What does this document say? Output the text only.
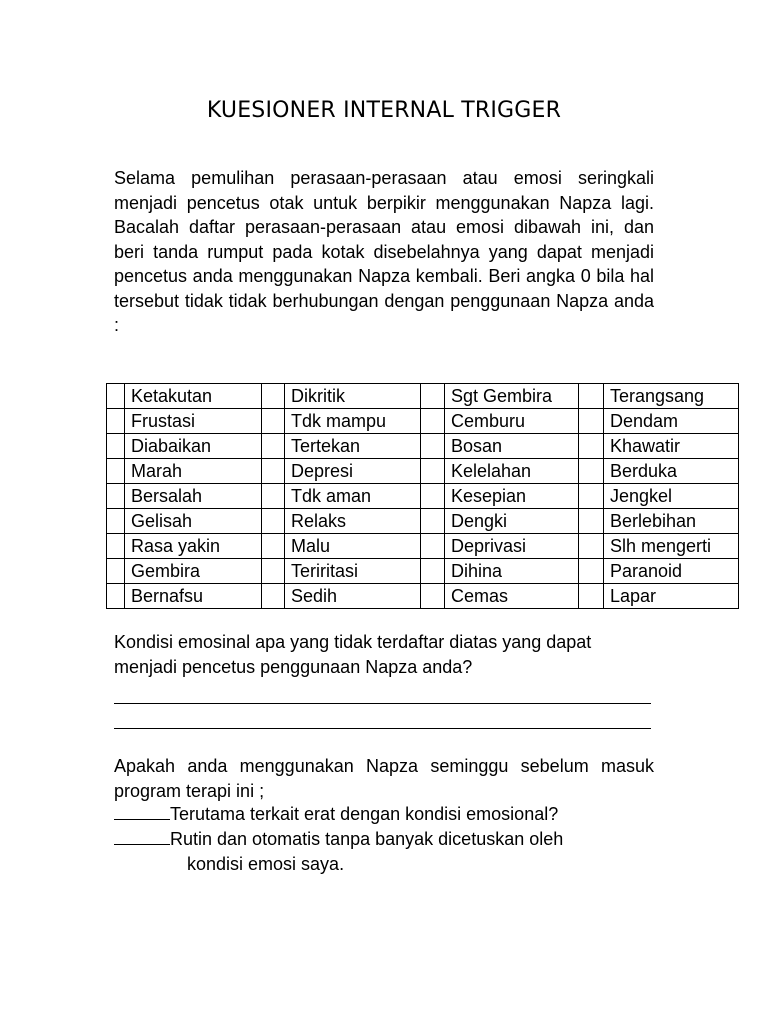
KUESIONER INTERNAL TRIGGER
Selama pemulihan perasaan-perasaan atau emosi seringkali menjadi pencetus otak untuk berpikir menggunakan Napza lagi. Bacalah daftar perasaan-perasaan atau emosi dibawah ini, dan beri tanda rumput pada kotak disebelahnya yang dapat menjadi pencetus anda menggunakan Napza kembali. Beri angka 0 bila hal tersebut tidak tidak berhubungan dengan penggunaan Napza anda :
	Ketakutan		Dikritik		Sgt Gembira		Terangsang
	Frustasi		Tdk mampu		Cemburu		Dendam
	Diabaikan		Tertekan		Bosan		Khawatir
	Marah		Depresi		Kelelahan		Berduka
	Bersalah		Tdk aman		Kesepian		Jengkel
	Gelisah		Relaks		Dengki		Berlebihan
	Rasa yakin		Malu		Deprivasi		Slh mengerti
	Gembira		Teriritasi		Dihina		Paranoid
	Bernafsu		Sedih		Cemas		Lapar
Kondisi emosinal apa yang tidak terdaftar diatas yang dapat menjadi pencetus penggunaan Napza anda?
Apakah anda menggunakan Napza seminggu sebelum masuk program terapi ini ;
Terutama terkait erat dengan kondisi emosional?
Rutin dan otomatis tanpa banyak dicetuskan oleh
kondisi emosi saya.
